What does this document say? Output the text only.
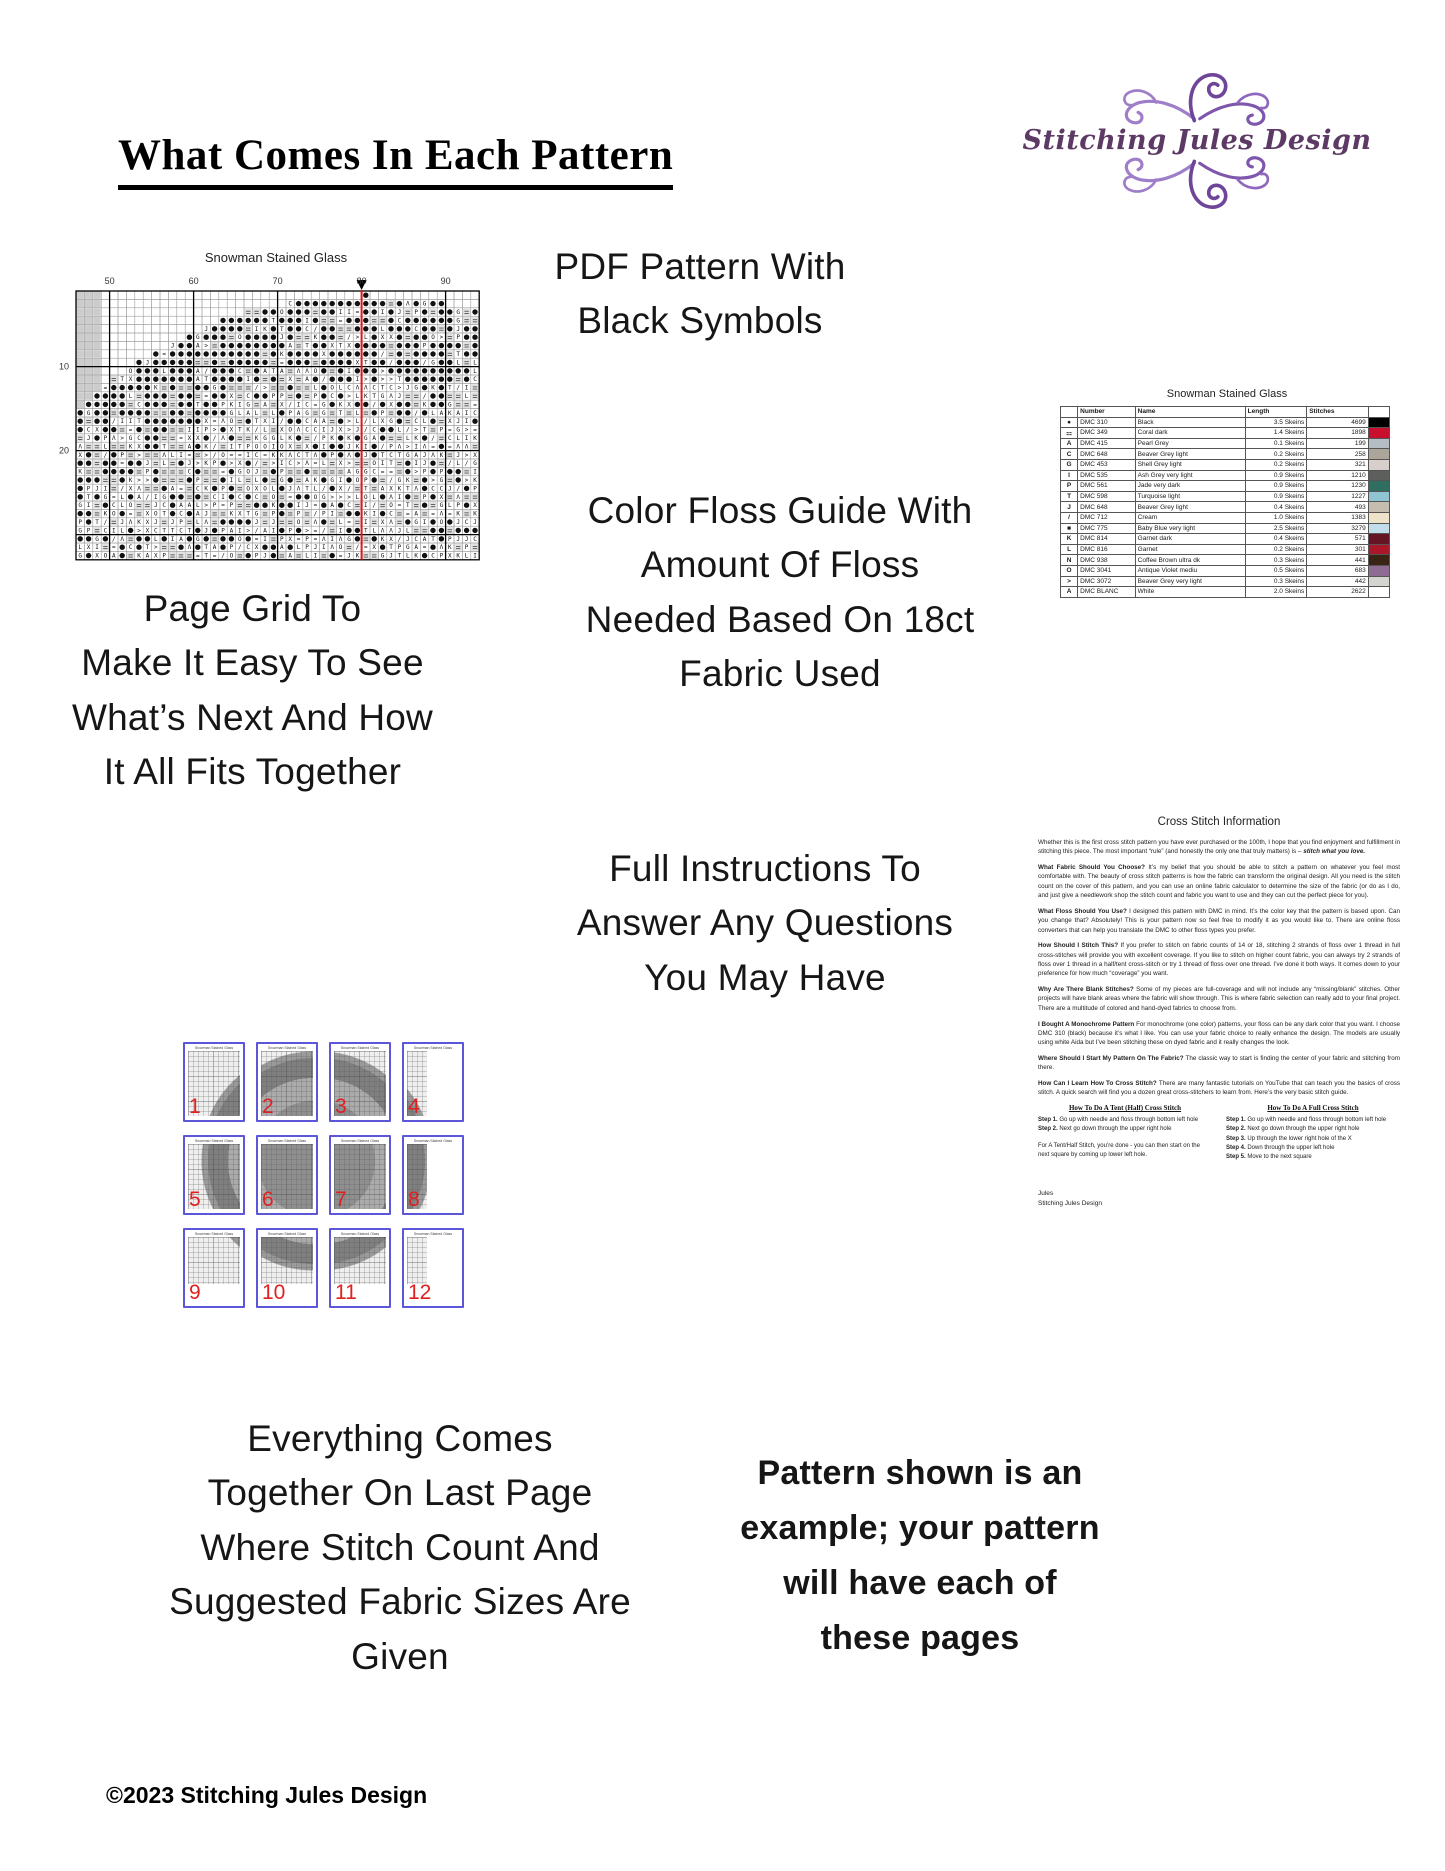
What Comes In Each Pattern	Stitching Jules Design
Snowman Stained Glass	PDF Pattern With
Black Symbols
Color Floss Guide With
Amount Of Floss
Needed Based On 18ct
Fabric Used
Page Grid To
Make It Easy To See
What’s Next And How
It All Fits Together
Full Instructions To
Answer Any Questions
You May Have
Everything Comes
Together On Last Page
Where Stitch Count And
Suggested Fabric Sizes Are
Given
Pattern shown is an
example; your pattern
will have each of
these pages
Snowman Stained Glass
	Number	Name	Length	Stitches	
●	DMC 310	Black	3.5 Skeins	4699	
⚏	DMC 349	Coral dark	1.4 Skeins	1898	
A	DMC 415	Pearl Grey	0.1 Skeins	199	
C	DMC 648	Beaver Grey light	0.2 Skeins	258	
G	DMC 453	Shell Grey light	0.2 Skeins	321	
I	DMC 535	Ash Grey very light	0.9 Skeins	1210	
P	DMC 561	Jade very dark	0.9 Skeins	1230	
T	DMC 598	Turquoise light	0.9 Skeins	1227	
J	DMC 648	Beaver Grey light	0.4 Skeins	493	
/	DMC 712	Cream	1.0 Skeins	1383	
■	DMC 775	Baby Blue very light	2.5 Skeins	3279	
K	DMC 814	Garnet dark	0.4 Skeins	571	
L	DMC 816	Garnet	0.2 Skeins	301	
N	DMC 938	Coffee Brown ultra dk	0.3 Skeins	441	
O	DMC 3041	Antique Violet mediu	0.5 Skeins	683	
>	DMC 3072	Beaver Grey very light	0.3 Skeins	442	
A	DMC BLANC	White	2.0 Skeins	2622	
Snowman Stained Glass
1
Snowman Stained Glass
2
Snowman Stained Glass
3
Snowman Stained Glass
4
Snowman Stained Glass
5
Snowman Stained Glass
6
Snowman Stained Glass
7
Snowman Stained Glass
8
Snowman Stained Glass
9
Snowman Stained Glass
10
Snowman Stained Glass
11
Snowman Stained Glass
12
Cross Stitch Information

Whether this is the first cross stitch pattern you have ever purchased or the 100th, I hope that you find enjoyment and fulfillment in stitching this piece. The most important “rule” (and honestly the only one that truly matters) is – stitch what you love.

What Fabric Should You Choose? It’s my belief that you should be able to stitch a pattern on whatever you feel most comfortable with. The beauty of cross stitch patterns is how the fabric can transform the original design. All you need is the stitch count on the cover of this pattern, and you can use an online fabric calculator to determine the size of the fabric (or do as I do, and just give a needlework shop the stitch count and fabric you want to use and they can cut the perfect piece for you).

What Floss Should You Use? I designed this pattern with DMC in mind. It’s the color key that the pattern is based upon. Can you change that? Absolutely! This is your pattern now so feel free to modify it as you would like to. There are online floss converters that can help you translate the DMC to other floss types you prefer.

How Should I Stitch This? If you prefer to stitch on fabric counts of 14 or 18, stitching 2 strands of floss over 1 thread in full cross-stitches will provide you with excellent coverage. If you like to stitch on higher count fabric, you can always try 2 strands of floss over 1 thread in a half/tent cross-stitch or try 1 thread of floss over one thread. I’ve done it both ways. It comes down to your preference for how much “coverage” you want.

Why Are There Blank Stitches? Some of my pieces are full-coverage and will not include any “missing/blank” stitches. Other projects will have blank areas where the fabric will show through. This is where fabric selection can really add to your final project. There are a multitude of colored and hand-dyed fabrics to choose from.

I Bought A Monochrome Pattern For monochrome (one color) patterns, your floss can be any dark color that you want. I choose DMC 310 (black) because it’s what I like. You can use your fabric choice to really enhance the design. The models are usually using white Aida but I’ve been stitching these on dyed fabric and it really changes the look.

Where Should I Start My Pattern On The Fabric? The classic way to start is finding the center of your fabric and stitching from there.

How Can I Learn How To Cross Stitch? There are many fantastic tutorials on YouTube that can teach you the basics of cross stitch. A quick search will find you a dozen great cross-stitchers to learn from. Here’s the very basic stitch guide.

How To Do A Tent (Half) Cross Stitch
Step 1. Go up with needle and floss through bottom left hole
Step 2. Next go down through the upper right hole
For A Tent/Half Stitch, you’re done - you can then start on the next square by coming up lower left hole.
How To Do A Full Cross Stitch
Step 1. Go up with needle and floss through bottom left hole
Step 2. Next go down through the upper right hole
Step 3. Up through the lower right hole of the X
Step 4. Down through the upper left hole
Step 5. Move to the next square
Jules
Stitching Jules Design
©2023 Stitching Jules Design
